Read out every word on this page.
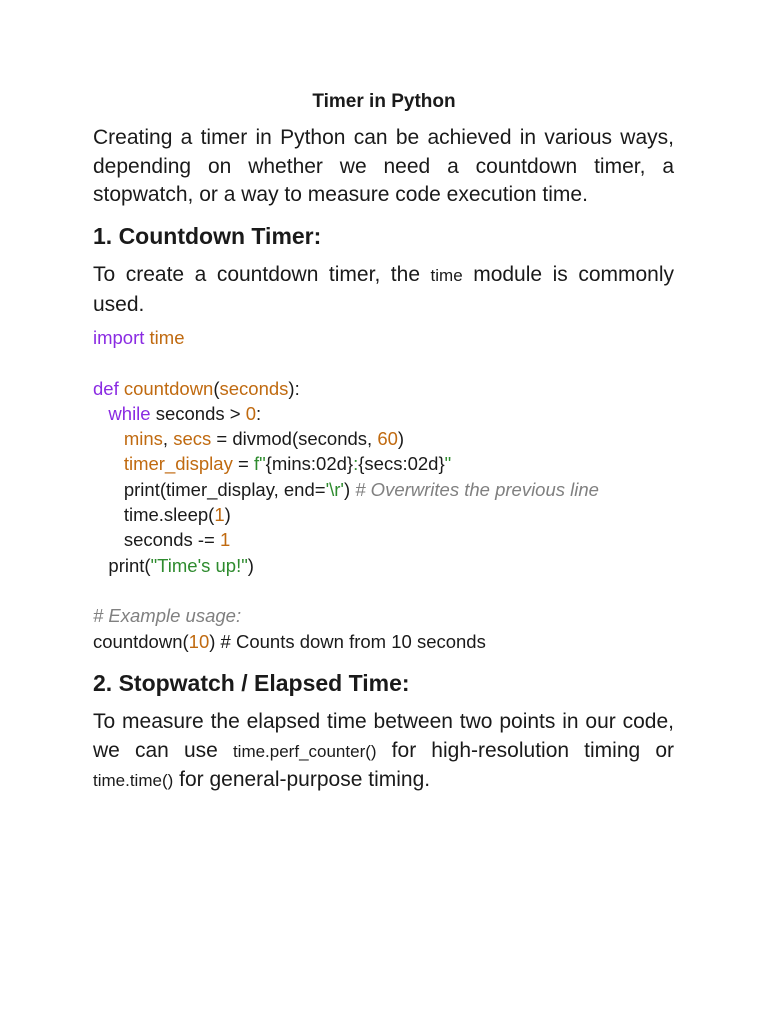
Timer in Python
Creating a timer in Python can be achieved in various ways, depending on whether we need a countdown timer, a stopwatch, or a way to measure code execution time.
1. Countdown Timer:
To create a countdown timer, the time module is commonly used.
import time

def countdown(seconds):
while seconds > 0:
mins, secs = divmod(seconds, 60)
timer_display = f"{mins:02d}:{secs:02d}"
print(timer_display, end='\r') # Overwrites the previous line
time.sleep(1)
seconds -= 1
print("Time's up!")

# Example usage:
countdown(10) # Counts down from 10 seconds
2. Stopwatch / Elapsed Time:
To measure the elapsed time between two points in our code, we can use time.perf_counter() for high-resolution timing or time.time() for general-purpose timing.
